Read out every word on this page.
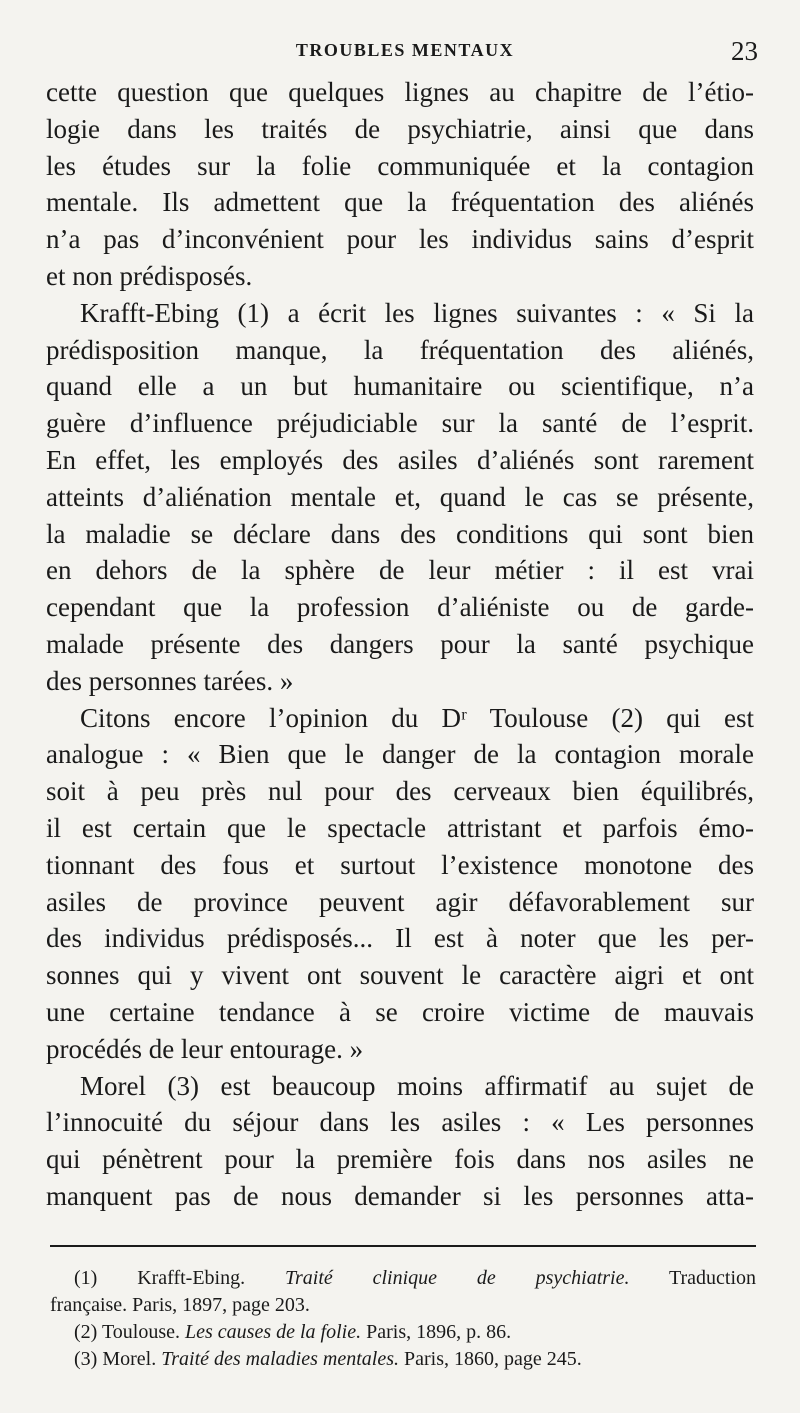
TROUBLES MENTAUX	23
cette question que quelques lignes au chapitre de l’étio-
logie dans les traités de psychiatrie, ainsi que dans
les études sur la folie communiquée et la contagion
mentale. Ils admettent que la fréquentation des aliénés
n’a pas d’inconvénient pour les individus sains d’esprit
et non prédisposés.
Krafft-Ebing (1) a écrit les lignes suivantes : « Si la
prédisposition manque, la fréquentation des aliénés,
quand elle a un but humanitaire ou scientifique, n’a
guère d’influence préjudiciable sur la santé de l’esprit.
En effet, les employés des asiles d’aliénés sont rarement
atteints d’aliénation mentale et, quand le cas se présente,
la maladie se déclare dans des conditions qui sont bien
en dehors de la sphère de leur métier : il est vrai
cependant que la profession d’aliéniste ou de garde-
malade présente des dangers pour la santé psychique
des personnes tarées. »
Citons encore l’opinion du Dʳ Toulouse (2) qui est
analogue : « Bien que le danger de la contagion morale
soit à peu près nul pour des cerveaux bien équilibrés,
il est certain que le spectacle attristant et parfois émo-
tionnant des fous et surtout l’existence monotone des
asiles de province peuvent agir défavorablement sur
des individus prédisposés... Il est à noter que les per-
sonnes qui y vivent ont souvent le caractère aigri et ont
une certaine tendance à se croire victime de mauvais
procédés de leur entourage. »
Morel (3) est beaucoup moins affirmatif au sujet de
l’innocuité du séjour dans les asiles : « Les personnes
qui pénètrent pour la première fois dans nos asiles ne
manquent pas de nous demander si les personnes atta-
(1) Krafft-Ebing. Traité clinique de psychiatrie. Traduction
française. Paris, 1897, page 203.
(2) Toulouse. Les causes de la folie. Paris, 1896, p. 86.
(3) Morel. Traité des maladies mentales. Paris, 1860, page 245.
